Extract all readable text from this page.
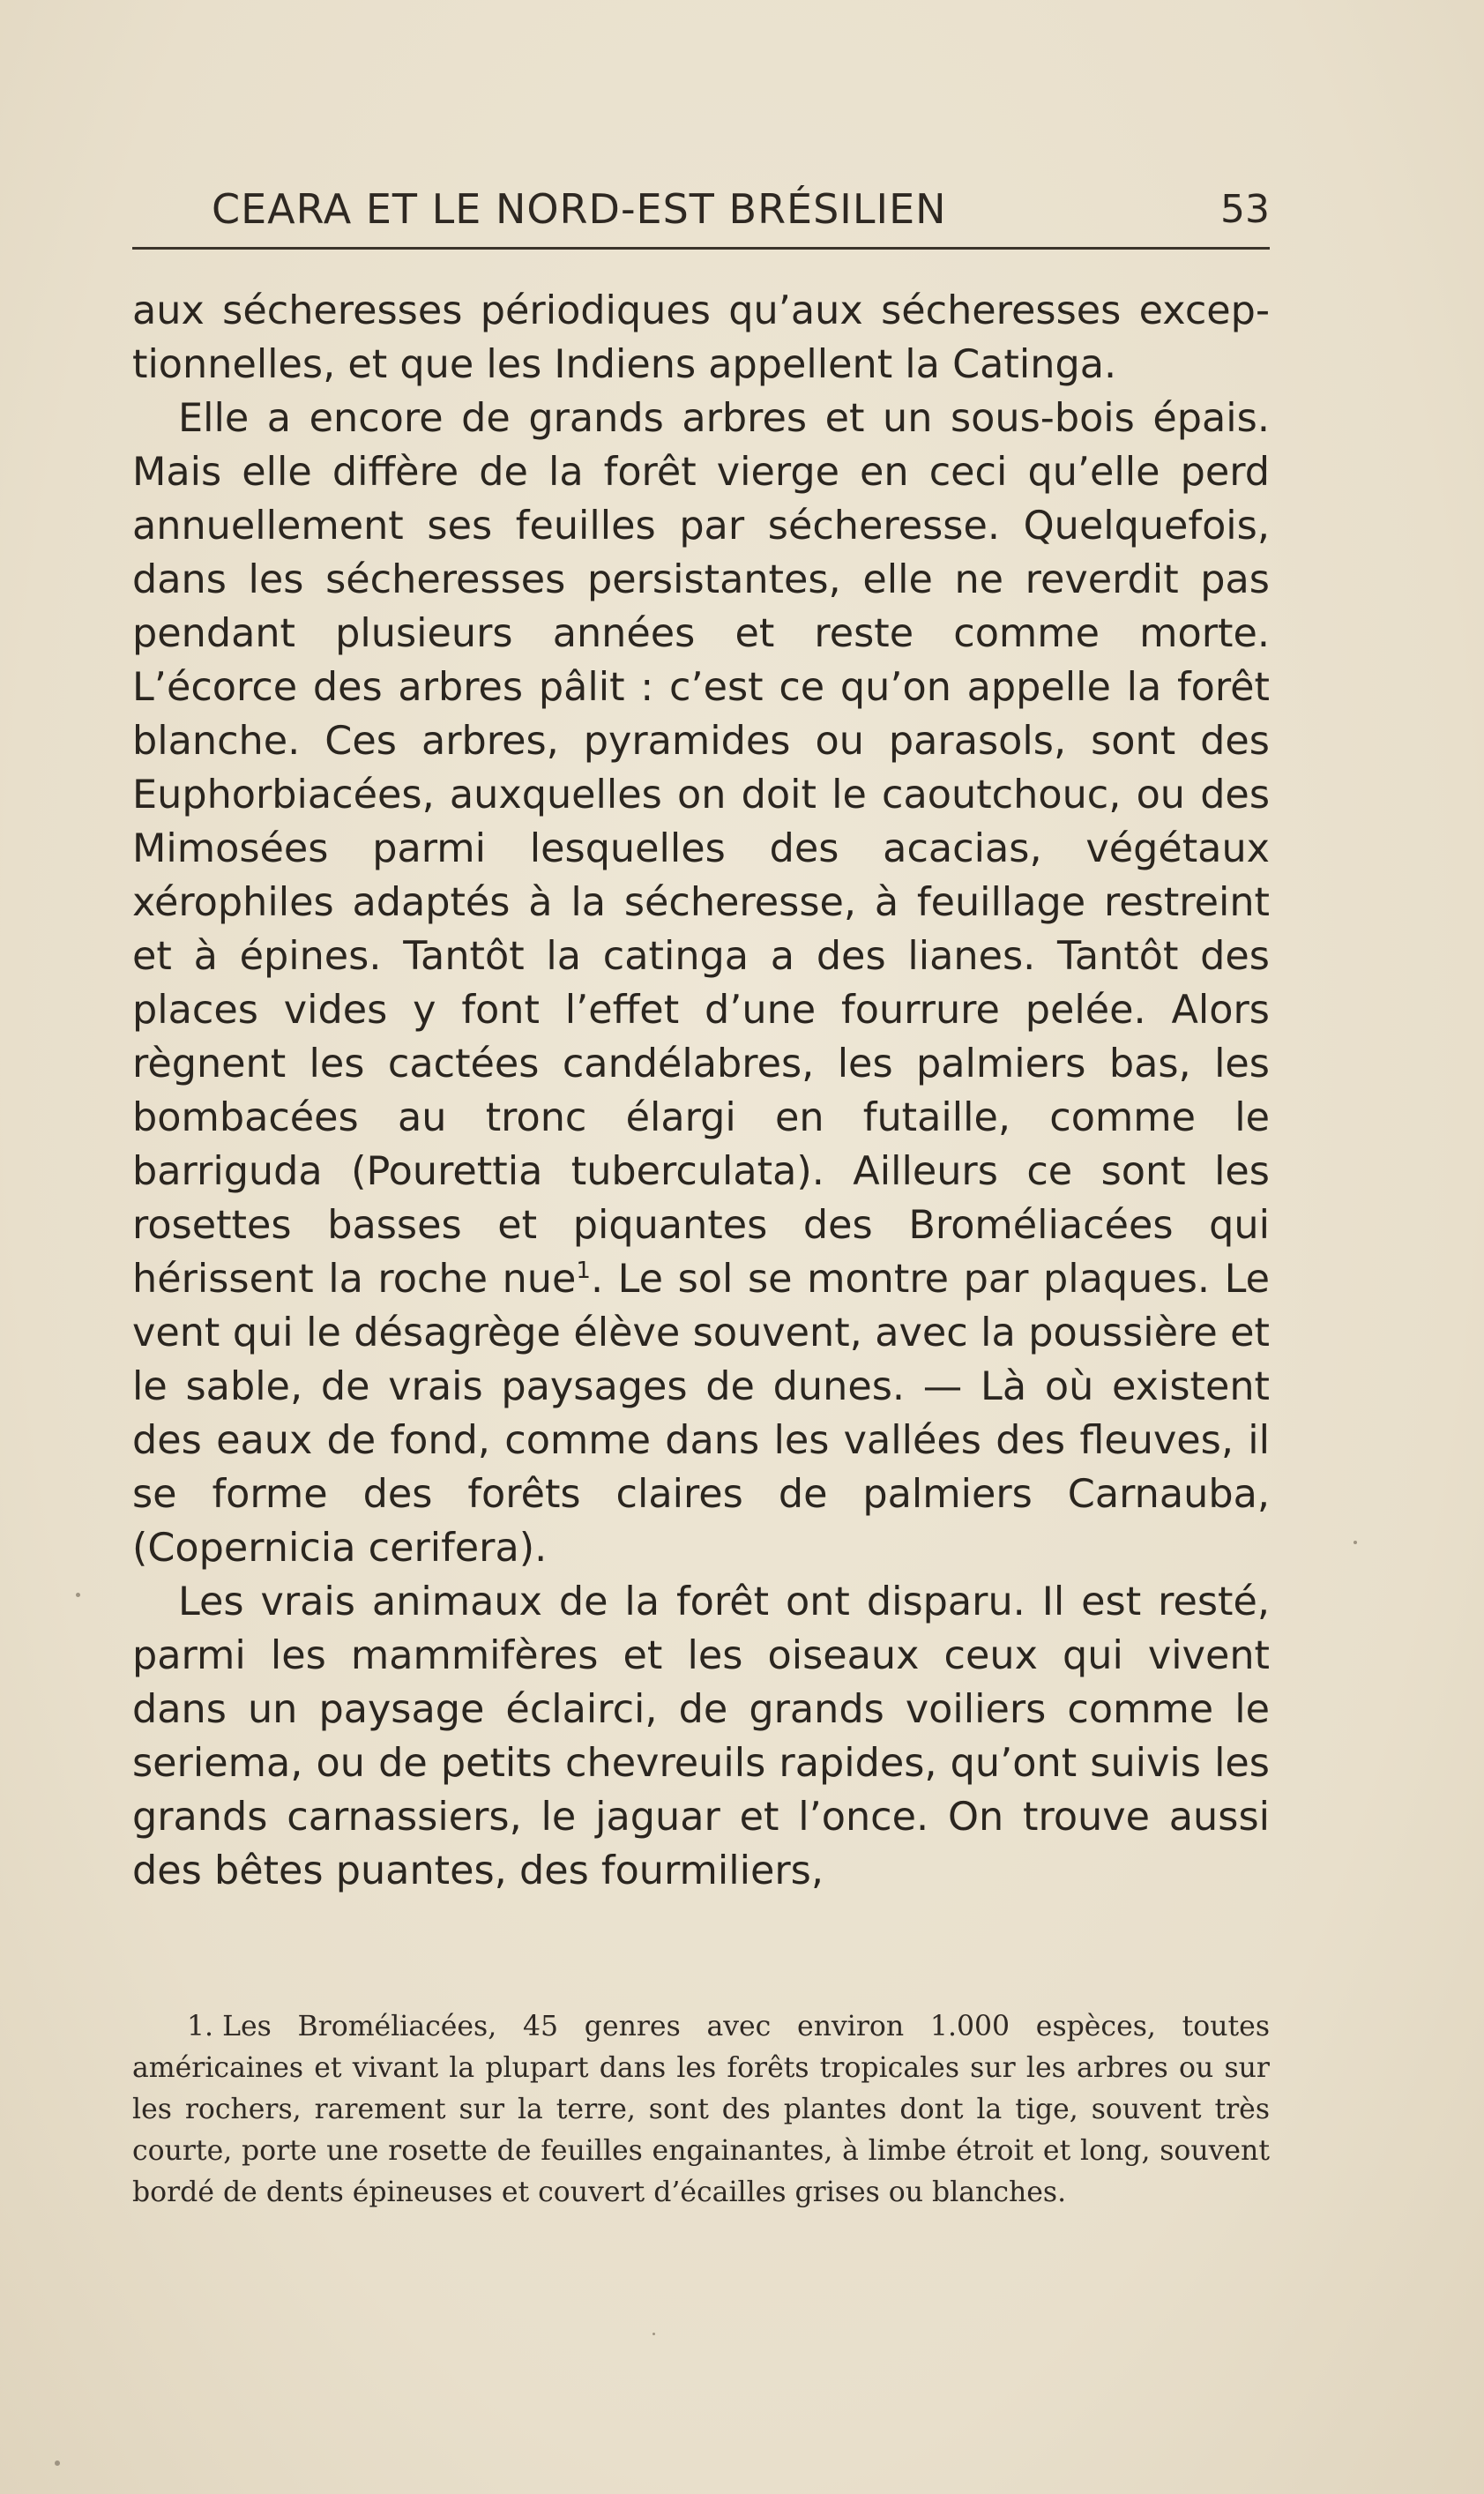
CEARA ET LE NORD-EST BRÉSILIEN	53

aux sécheresses périodiques qu’aux sécheresses exceptionnelles, et que les Indiens appellent la Catinga.

Elle a encore de grands arbres et un sous-bois épais. Mais elle diffère de la forêt vierge en ceci qu’elle perd annuellement ses feuilles par sécheresse. Quelquefois, dans les sécheresses persistantes, elle ne reverdit pas pendant plusieurs années et reste comme morte. L’écorce des arbres pâlit : c’est ce qu’on appelle la forêt blanche. Ces arbres, pyramides ou parasols, sont des Euphorbiacées, auxquelles on doit le caoutchouc, ou des Mimosées parmi lesquelles des acacias, végétaux xérophiles adaptés à la sécheresse, à feuillage restreint et à épines. Tantôt la catinga a des lianes. Tantôt des places vides y font l’effet d’une fourrure pelée. Alors règnent les cactées candélabres, les palmiers bas, les bombacées au tronc élargi en futaille, comme le barriguda (Pourettia tuberculata). Ailleurs ce sont les rosettes basses et piquantes des Broméliacées qui hérissent la roche nue$^1$. Le sol se montre par plaques. Le vent qui le désagrège élève souvent, avec la poussière et le sable, de vrais paysages de dunes. — Là où existent des eaux de fond, comme dans les vallées des fleuves, il se forme des forêts claires de palmiers Carnauba, (Copernicia cerifera).

Les vrais animaux de la forêt ont disparu. Il est resté, parmi les mammifères et les oiseaux ceux qui vivent dans un paysage éclairci, de grands voiliers comme le seriema, ou de petits chevreuils rapides, qu’ont suivis les grands carnassiers, le jaguar et l’once. On trouve aussi des bêtes puantes, des fourmiliers,

1. Les Broméliacées, 45 genres avec environ 1.000 espèces, toutes américaines et vivant la plupart dans les forêts tropicales sur les arbres ou sur les rochers, rarement sur la terre, sont des plantes dont la tige, souvent très courte, porte une rosette de feuilles engainantes, à limbe étroit et long, souvent bordé de dents épineuses et couvert d’écailles grises ou blanches.
